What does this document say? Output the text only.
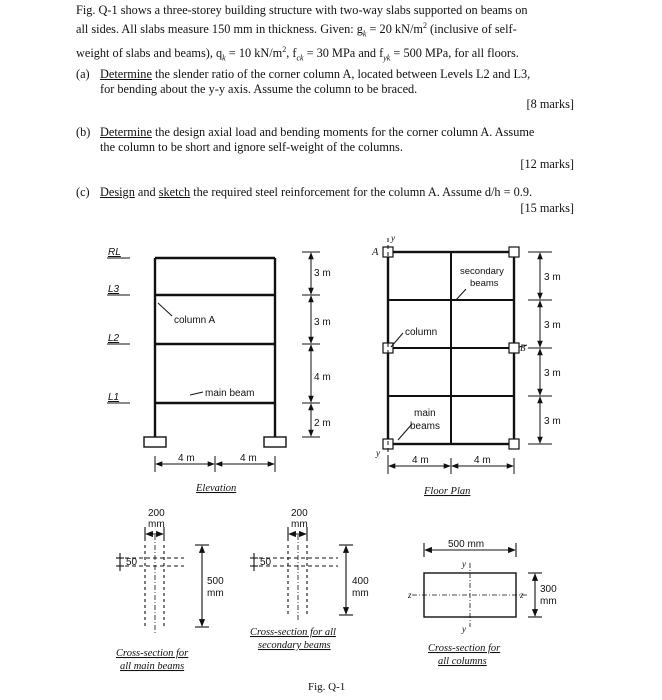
Fig. Q-1 shows a three-storey building structure with two-way slabs supported on beams on
all sides. All slabs measure 150 mm in thickness. Given: $g_k = 20$ $kN/m^2$ (inclusive of self-
weight of slabs and beams), $q_k = 10$ $kN/m^2$, $f_{ck} = 30$ MPa and $f_{yk} = 500$ MPa, for all floors.
(a) Determine the slender ratio of the corner column A, located between Levels L2 and L3,
for bending about the y-y axis. Assume the column to be braced.
[8 marks]
(b) Determine the design axial load and bending moments for the corner column A. Assume
the column to be short and ignore self-weight of the columns.
[12 marks]
(c) Design and sketch the required steel reinforcement for the column A. Assume d/h = 0.9.
[15 marks]
RL
L3
L2
L1
column A
main beam
3 m
3 m
4 m
2 m
4 m	4 m
Elevation
A
y
y
B
secondary
beams
column
main
beams
3 m
3 m
3 m
3 m
4 m	4 m
Floor Plan
200
mm
50
500
mm
Cross-section for
all main beams
200
mm
50
400
mm
Cross-section for all
secondary beams
500 mm
y
y
z	z 300
mm
Cross-section for
all columns
Fig. Q-1
